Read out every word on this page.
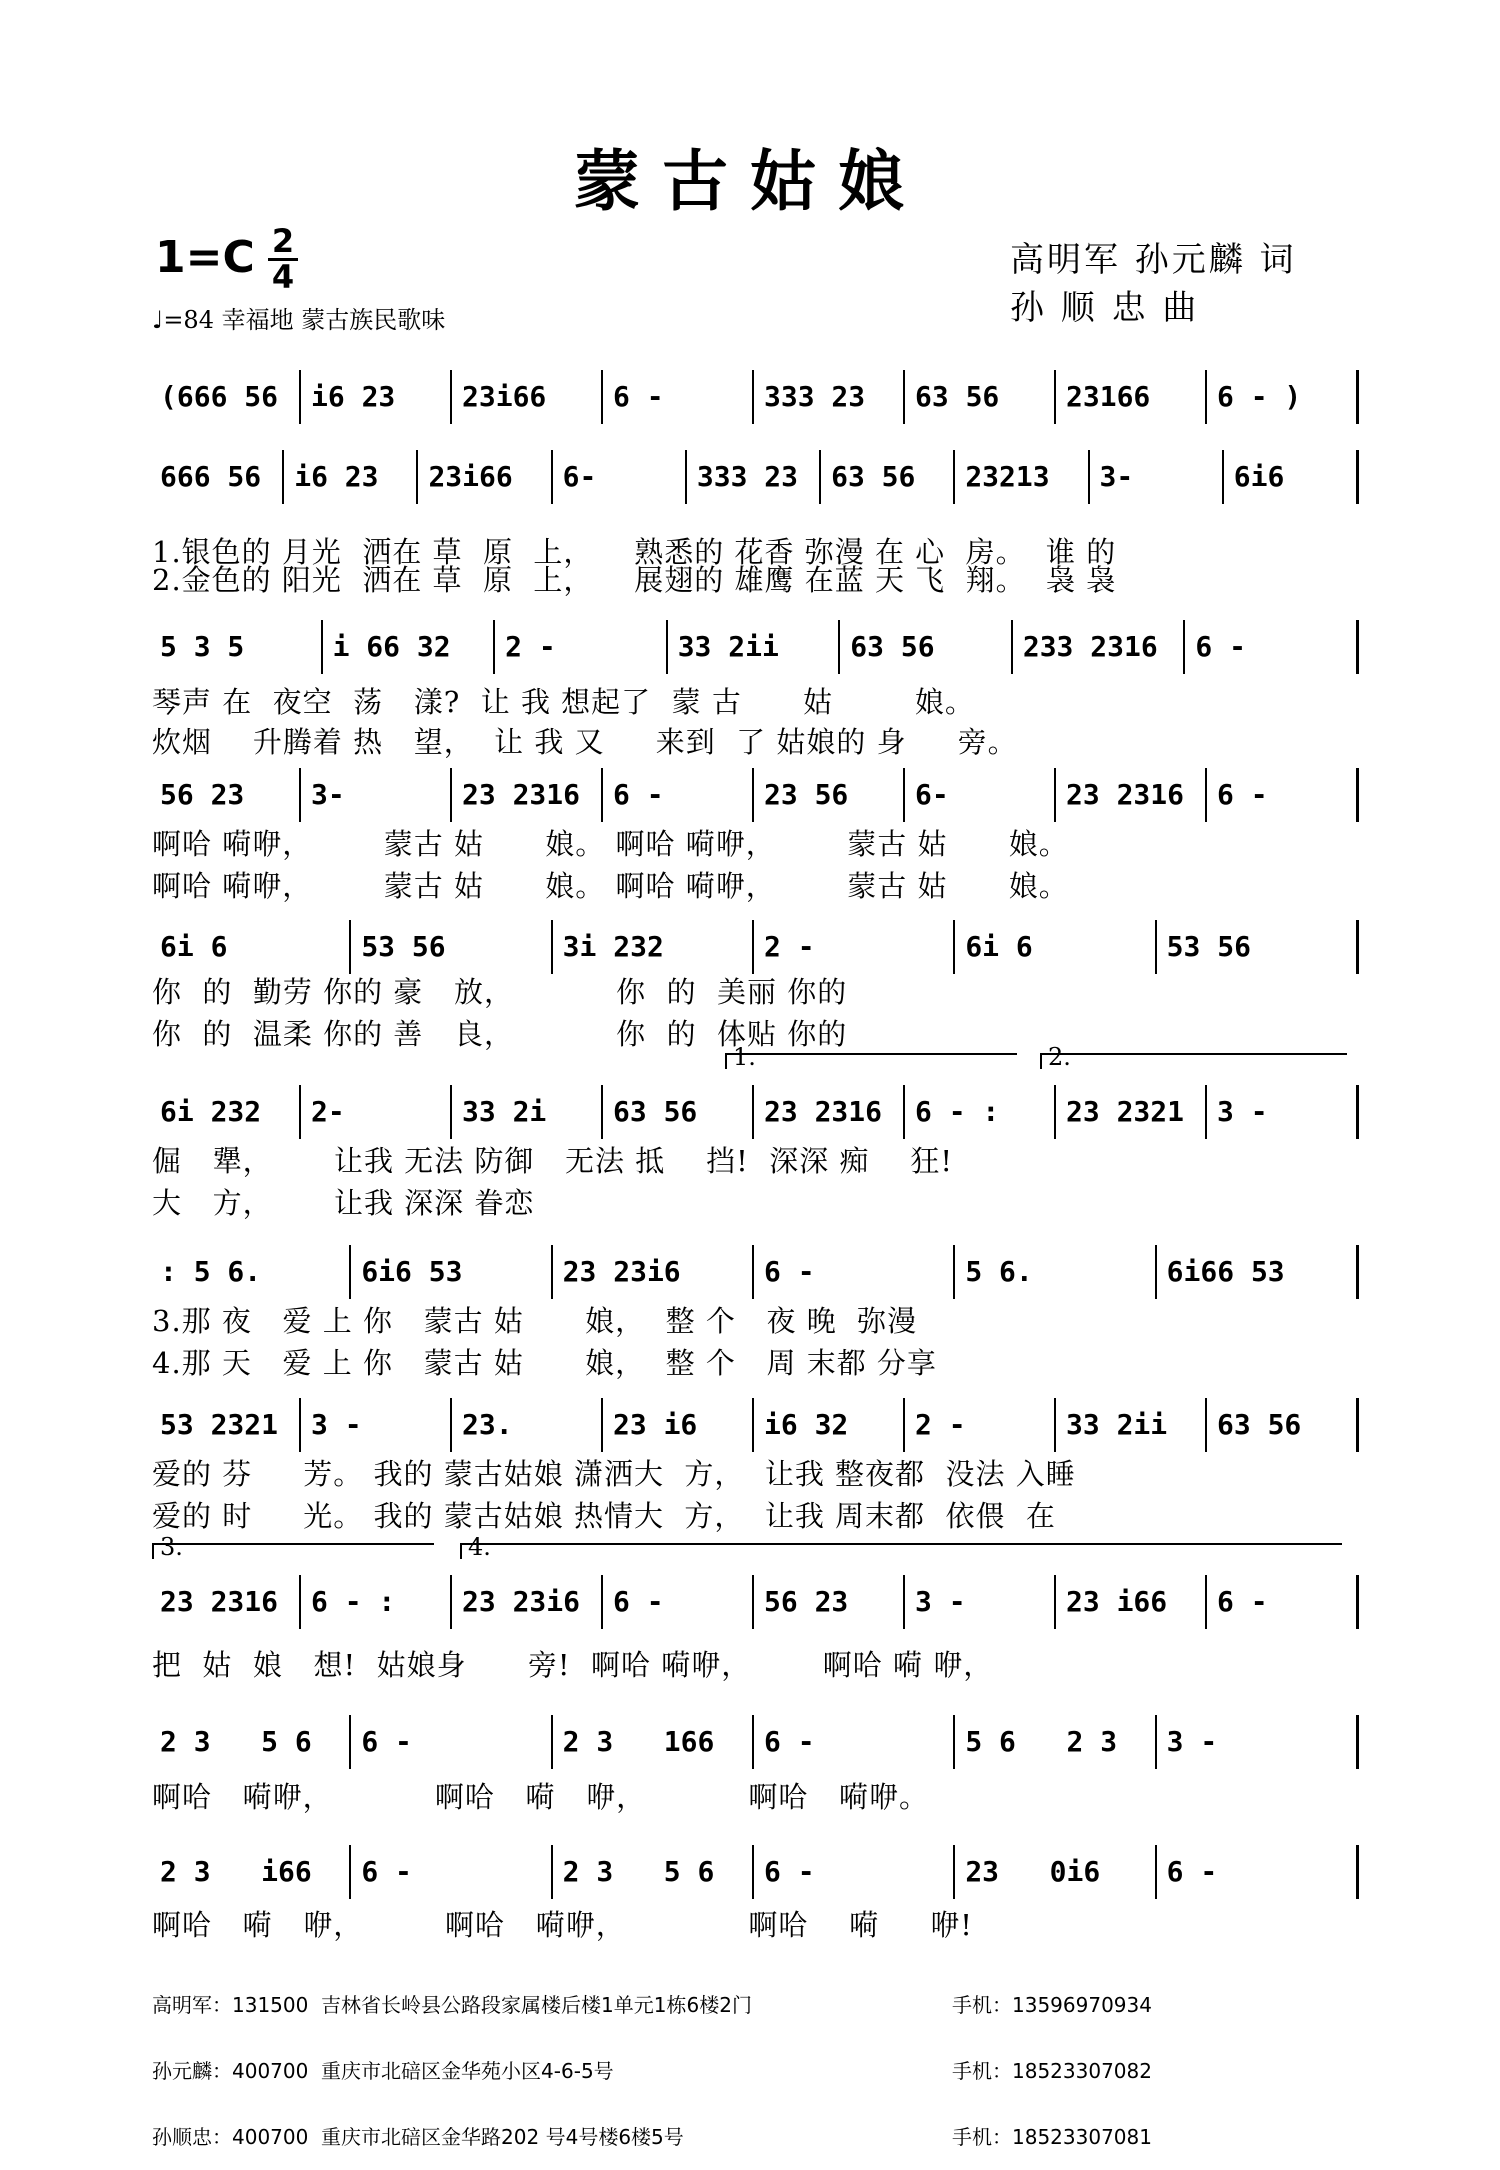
蒙古姑娘
1=C 2
4
♩=84 幸福地 蒙古族民歌味
高明军 孙元麟 词
孙 顺 忠 曲
(666 56 i6 23 23i66 6 -	333 23 63 56 23166 6 - )
666 56 i6 23 23i66 6-	333 23 63 56 23213 3-	6i6
1.银色的 月光  洒在 草  原  上，    熟悉的 花香 弥漫 在 心  房。  谁 的
2.金色的 阳光  洒在 草  原  上，    展翅的 雄鹰 在蓝 天 飞  翔。  袅 袅
5 3 5	i 66 32 2 -	33 2ii	63 56	233 2316 6 -
琴声 在  夜空  荡   漾?  让 我 想起了  蒙 古      姑        娘。
炊烟    升腾着 热   望，  让 我 又     来到  了 姑娘的 身     旁。
56 23 3-	23 2316 6 -	23 56 6-	23 2316 6 -
啊哈 嗬咿，       蒙古 姑      娘。 啊哈 嗬咿，       蒙古 姑      娘。
啊哈 嗬咿，       蒙古 姑      娘。 啊哈 嗬咿，       蒙古 姑      娘。
6i 6	53 56	3i 232	2 -	6i 6	53 56
你  的  勤劳 你的 豪   放，          你  的  美丽 你的
你  的  温柔 你的 善   良，          你  的  体贴 你的
6i 232 2-	33 2i 63 56 23 2316 6 - : 23 2321 3 -
1.	2.
倔   犟，      让我 无法 防御   无法 抵    挡!  深深 痴    狂!
大   方，      让我 深深 眷恋
: 5 6.	6i6 53	23 23i6	6 -	5 6.	6i66 53
3.那 夜   爱 上 你   蒙古 姑      娘，  整 个   夜 晚  弥漫
4.那 天   爱 上 你   蒙古 姑      娘，  整 个   周 末都 分享
53 2321 3 -	23.	23 i6 i6 32 2 -	33 2ii 63 56
爱的 芬     芳。 我的 蒙古姑娘 潇洒大  方，  让我 整夜都  没法 入睡
爱的 时     光。 我的 蒙古姑娘 热情大  方，  让我 周末都  依偎  在
23 2316 6 - : 23 23i6 6 -	56 23 3 -	23 i66 6 -
3.	4.
把  姑  娘   想!  姑娘身      旁!  啊哈 嗬咿，       啊哈 嗬 咿，
2 3   5 6 6 -	2 3   166 6 -	5 6   2 3 3 -
啊哈   嗬咿，          啊哈   嗬   咿，          啊哈   嗬咿。
2 3   i66 6 -	2 3   5 6 6 -	23   0i6 6 -
啊哈   嗬   咿，        啊哈   嗬咿，            啊哈    嗬     咿!

高明军：131500  吉林省长岭县公路段家属楼后楼1单元1栋6楼2门	手机：13596970934

孙元麟：400700  重庆市北碚区金华苑小区4-6-5号	手机：18523307082

孙顺忠：400700  重庆市北碚区金华路202 号4号楼6楼5号	手机：18523307081
